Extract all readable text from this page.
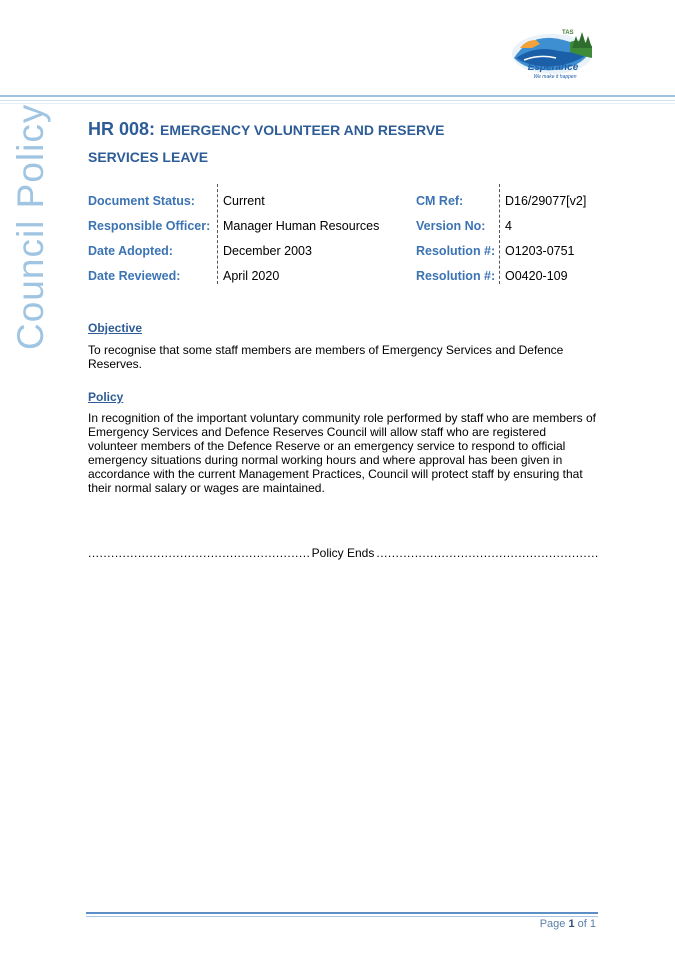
TAS
Esperance
We make it happen
Council Policy	HR 008: EMERGENCY VOLUNTEER AND RESERVE
SERVICES LEAVE
Document Status:
Responsible Officer:
Date Adopted:
Date Reviewed:
Current
Manager Human Resources
December 2003
April 2020
CM Ref:
Version No:
Resolution #:
Resolution #:
D16/29077[v2]
4
O1203-0751
O0420-109
Objective
To recognise that some staff members are members of Emergency Services and Defence Reserves.
Policy
In recognition of the important voluntary community role performed by staff who are members of Emergency Services and Defence Reserves Council will allow staff who are registered volunteer members of the Defence Reserve or an emergency service to respond to official emergency situations during normal working hours and where approval has been given in accordance with the current Management Practices, Council will protect staff by ensuring that their normal salary or wages are maintained.
.....
Policy Ends
.....
Page 1 of 1
